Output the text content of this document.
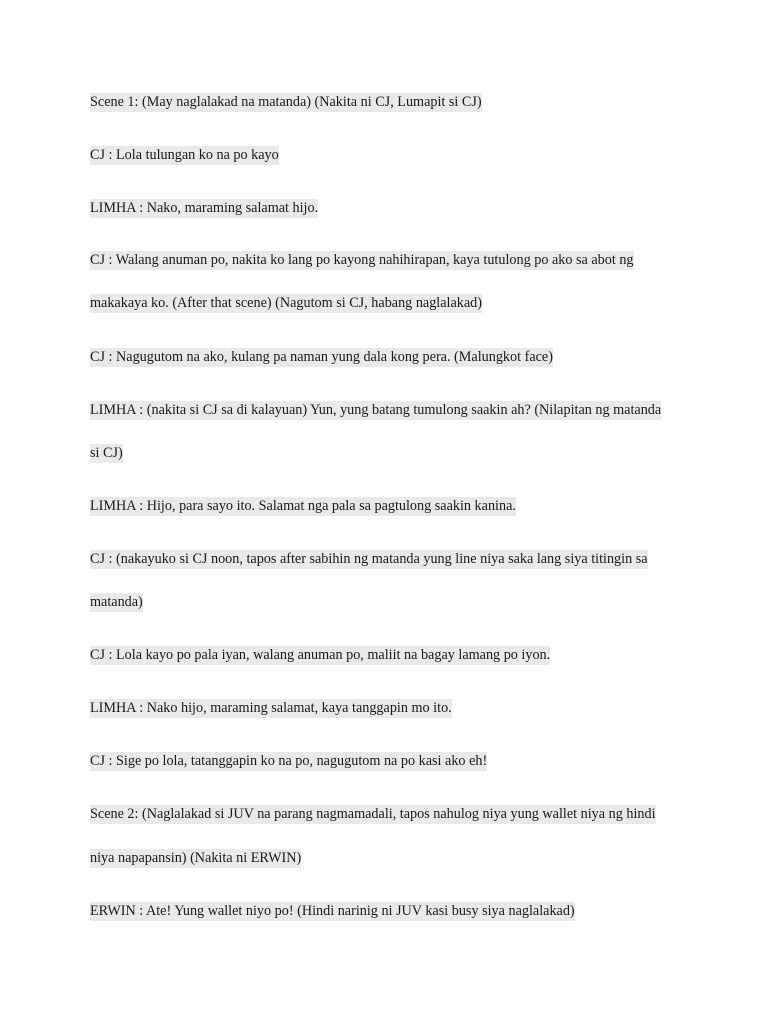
Scene 1: (May naglalakad na matanda) (Nakita ni CJ, Lumapit si CJ)
CJ : Lola tulungan ko na po kayo
LIMHA : Nako, maraming salamat hijo.
CJ : Walang anuman po, nakita ko lang po kayong nahihirapan, kaya tutulong po ako sa abot ng
makakaya ko. (After that scene) (Nagutom si CJ, habang naglalakad)
CJ : Nagugutom na ako, kulang pa naman yung dala kong pera. (Malungkot face)
LIMHA : (nakita si CJ sa di kalayuan) Yun, yung batang tumulong saakin ah? (Nilapitan ng matanda
si CJ)
LIMHA : Hijo, para sayo ito. Salamat nga pala sa pagtulong saakin kanina.
CJ : (nakayuko si CJ noon, tapos after sabihin ng matanda yung line niya saka lang siya titingin sa
matanda)
CJ : Lola kayo po pala iyan, walang anuman po, maliit na bagay lamang po iyon.
LIMHA : Nako hijo, maraming salamat, kaya tanggapin mo ito.
CJ : Sige po lola, tatanggapin ko na po, nagugutom na po kasi ako eh!
Scene 2: (Naglalakad si JUV na parang nagmamadali, tapos nahulog niya yung wallet niya ng hindi
niya napapansin) (Nakita ni ERWIN)
ERWIN : Ate! Yung wallet niyo po! (Hindi narinig ni JUV kasi busy siya naglalakad)
